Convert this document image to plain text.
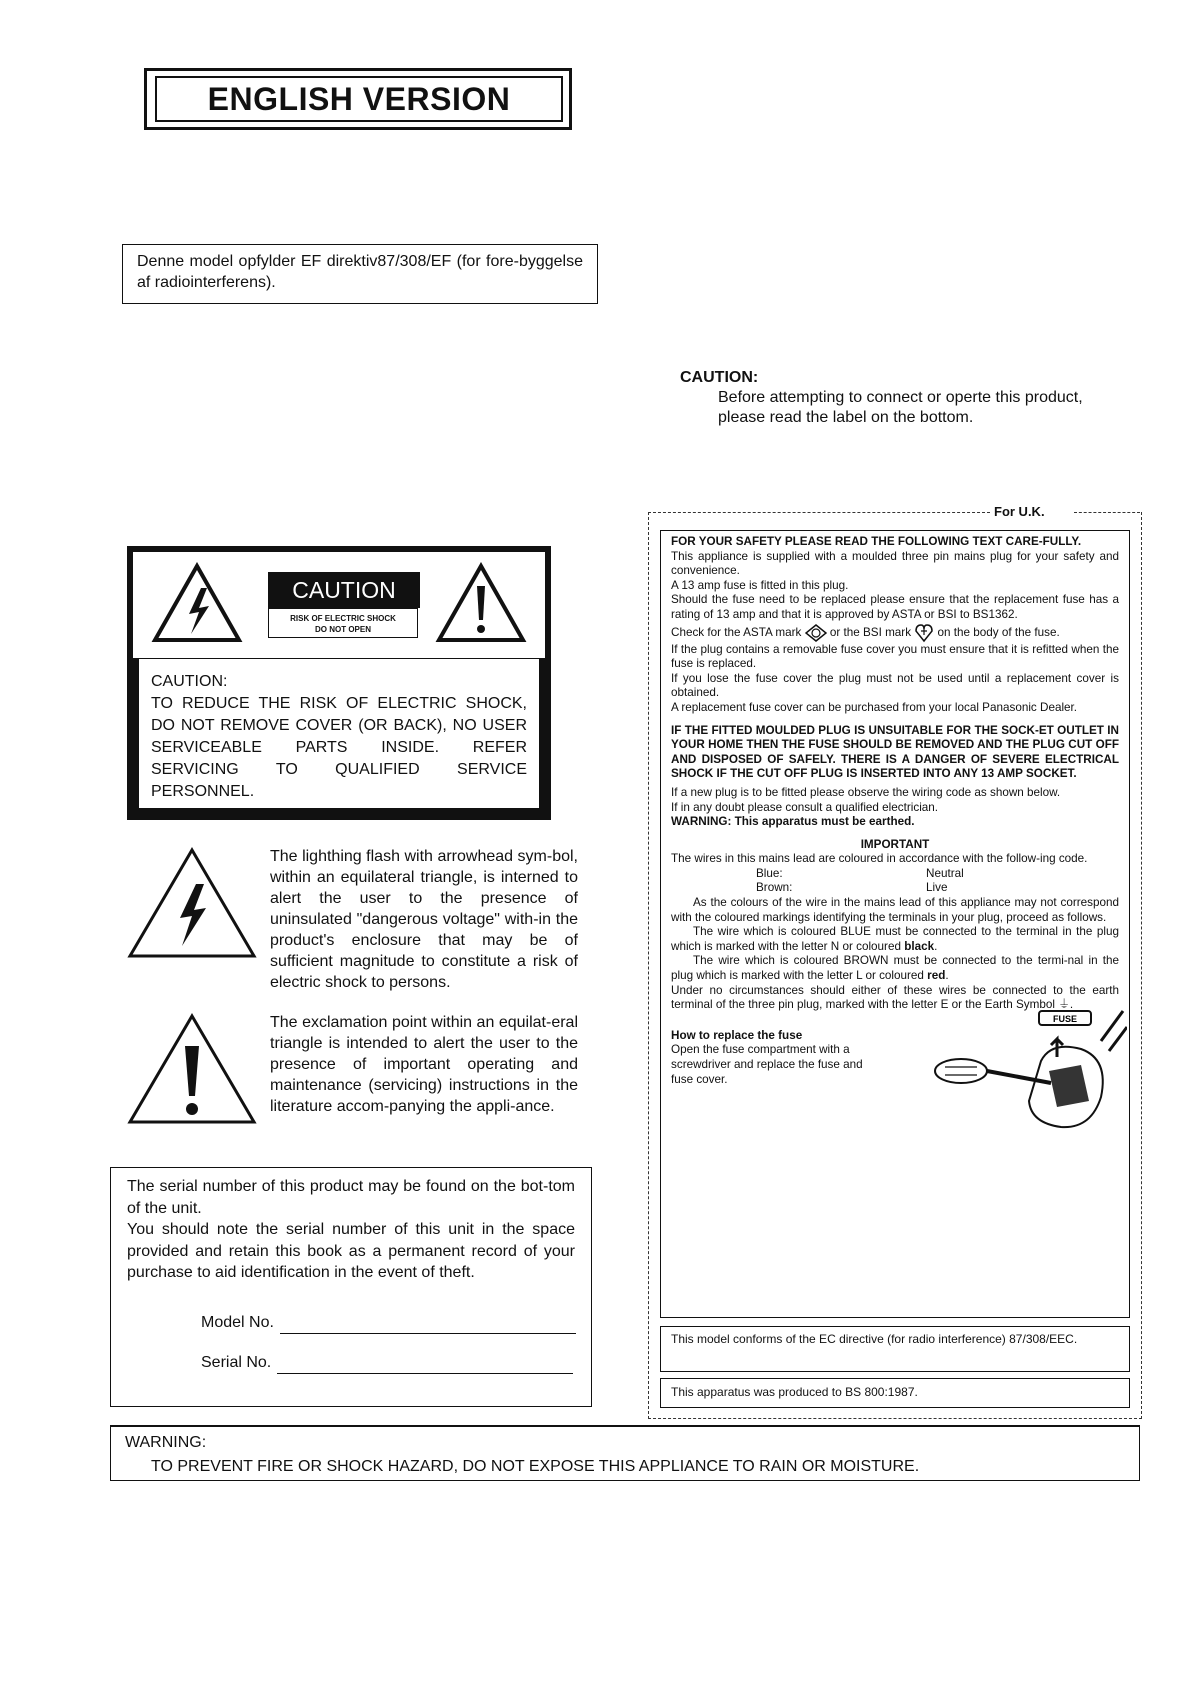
ENGLISH VERSION
Denne model opfylder EF direktiv87/308/EF (for fore-byggelse af radiointerferens).
CAUTION:
Before attempting to connect or operte this product, please read the label on the bottom.
CAUTION
RISK OF ELECTRIC SHOCK
DO NOT OPEN
CAUTION:
TO REDUCE THE RISK OF ELECTRIC SHOCK, DO NOT REMOVE COVER (OR BACK), NO USER SERVICEABLE PARTS INSIDE. REFER SERVICING TO QUALIFIED SERVICE PERSONNEL.
The lighthing flash with arrowhead sym-bol, within an equilateral triangle, is interned to alert the user to the presence of uninsulated "dangerous voltage" with-in the product's enclosure that may be of sufficient magnitude to constitute a risk of electric shock to persons.
The exclamation point within an equilat-eral triangle is intended to alert the user to the presence of important operating and maintenance (servicing) instructions in the literature accom-panying the appli-ance.

The serial number of this product may be found on the bot-tom of the unit.

You should note the serial number of this unit in the space provided and retain this book as a permanent record of your purchase to aid identification in the event of theft.

Model No.
Serial No.
For U.K.

FOR YOUR SAFETY PLEASE READ THE FOLLOWING TEXT CARE-FULLY.

This appliance is supplied with a moulded three pin mains plug for your safety and convenience.

A 13 amp fuse is fitted in this plug.

Should the fuse need to be replaced please ensure that the replacement fuse has a rating of 13 amp and that it is approved by ASTA or BSI to BS1362.

Check for the ASTA mark or the BSI mark on the body of the fuse.

If the plug contains a removable fuse cover you must ensure that it is refitted when the fuse is replaced.

If you lose the fuse cover the plug must not be used until a replacement cover is obtained.

A replacement fuse cover can be purchased from your local Panasonic Dealer.

IF THE FITTED MOULDED PLUG IS UNSUITABLE FOR THE SOCK-ET OUTLET IN YOUR HOME THEN THE FUSE SHOULD BE REMOVED AND THE PLUG CUT OFF AND DISPOSED OF SAFELY. THERE IS A DANGER OF SEVERE ELECTRICAL SHOCK IF THE CUT OFF PLUG IS INSERTED INTO ANY 13 AMP SOCKET.

If a new plug is to be fitted please observe the wiring code as shown below.

If in any doubt please consult a qualified electrician.

WARNING: This apparatus must be earthed.

IMPORTANT

The wires in this mains lead are coloured in accordance with the follow-ing code.

Blue:	Neutral
Brown:	Live

As the colours of the wire in the mains lead of this appliance may not correspond with the coloured markings identifying the terminals in your plug, proceed as follows.

The wire which is coloured BLUE must be connected to the terminal in the plug which is marked with the letter N or coloured black.

The wire which is coloured BROWN must be connected to the termi-nal in the plug which is marked with the letter L or coloured red.

Under no circumstances should either of these wires be connected to the earth terminal of the three pin plug, marked with the letter E or the Earth Symbol ⏚.

How to replace the fuse

Open the fuse compartment with a screwdriver and replace the fuse and fuse cover.

FUSE
This model conforms of the EC directive (for radio interference) 87/308/EEC.
This apparatus was produced to BS 800:1987.
WARNING:
TO PREVENT FIRE OR SHOCK HAZARD, DO NOT EXPOSE THIS APPLIANCE TO RAIN OR MOISTURE.
